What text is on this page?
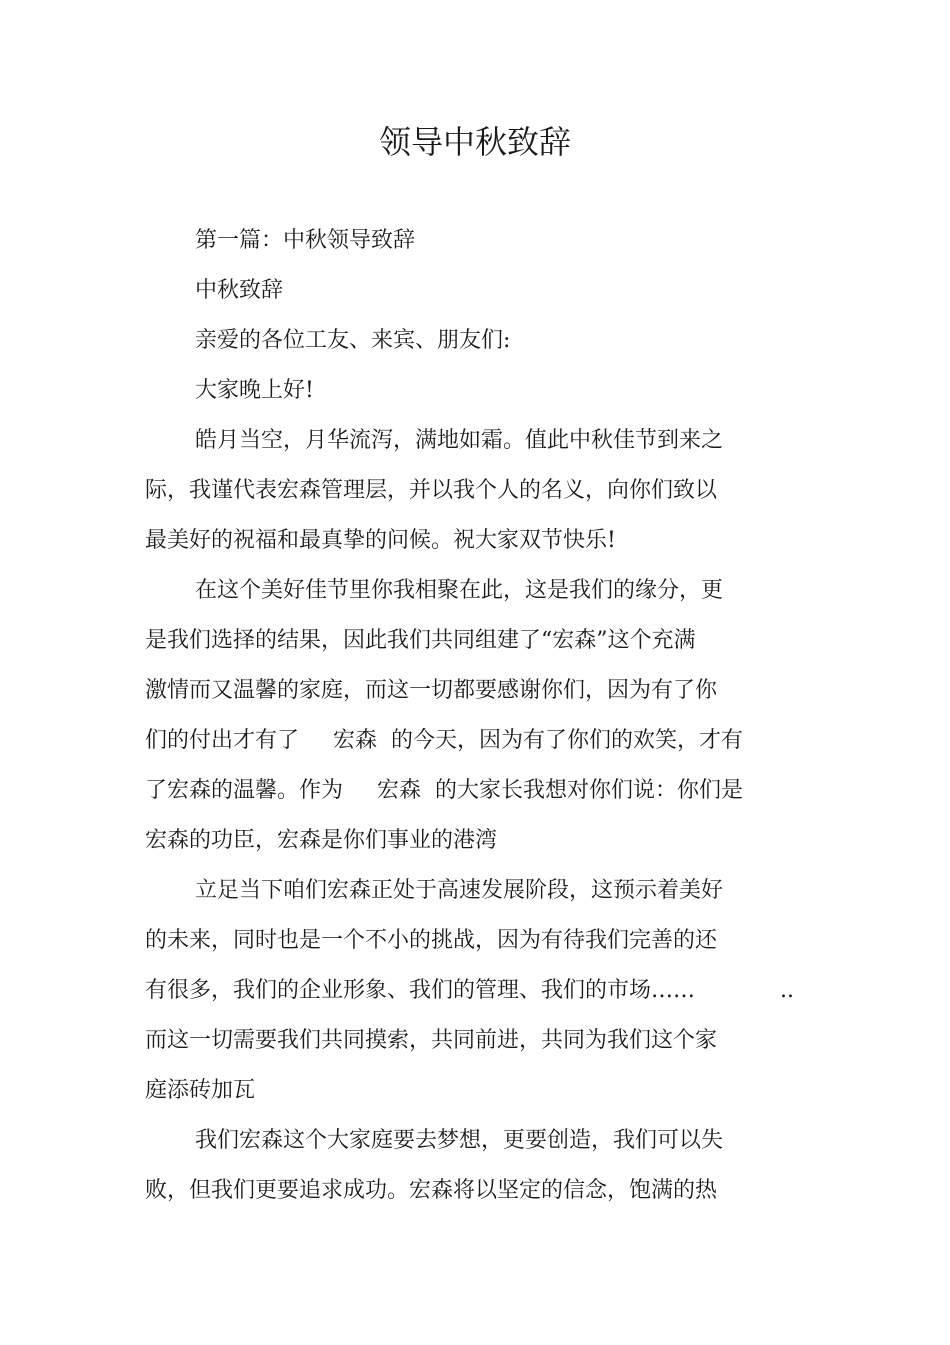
领导中秋致辞
第一篇：中秋领导致辞
中秋致辞
亲爱的各位工友、来宾、朋友们:
大家晚上好!
皓月当空，月华流泻，满地如霜。值此中秋佳节到来之
际，我谨代表宏森管理层，并以我个人的名义，向你们致以
最美好的祝福和最真挚的问候。祝大家双节快乐!
在这个美好佳节里你我相聚在此，这是我们的缘分，更
是我们选择的结果，因此我们共同组建了“宏森”这个充满
激情而又温馨的家庭，而这一切都要感谢你们，因为有了你
们的付出才有了 宏森 的今天，因为有了你们的欢笑，才有
了宏森的温馨。作为 宏森 的大家长我想对你们说：你们是
宏森的功臣，宏森是你们事业的港湾
立足当下咱们宏森正处于高速发展阶段，这预示着美好
的未来，同时也是一个不小的挑战，因为有待我们完善的还
有很多，我们的企业形象、我们的管理、我们的市场……	..
而这一切需要我们共同摸索，共同前进，共同为我们这个家
庭添砖加瓦
我们宏森这个大家庭要去梦想，更要创造，我们可以失
败，但我们更要追求成功。宏森将以坚定的信念，饱满的热
